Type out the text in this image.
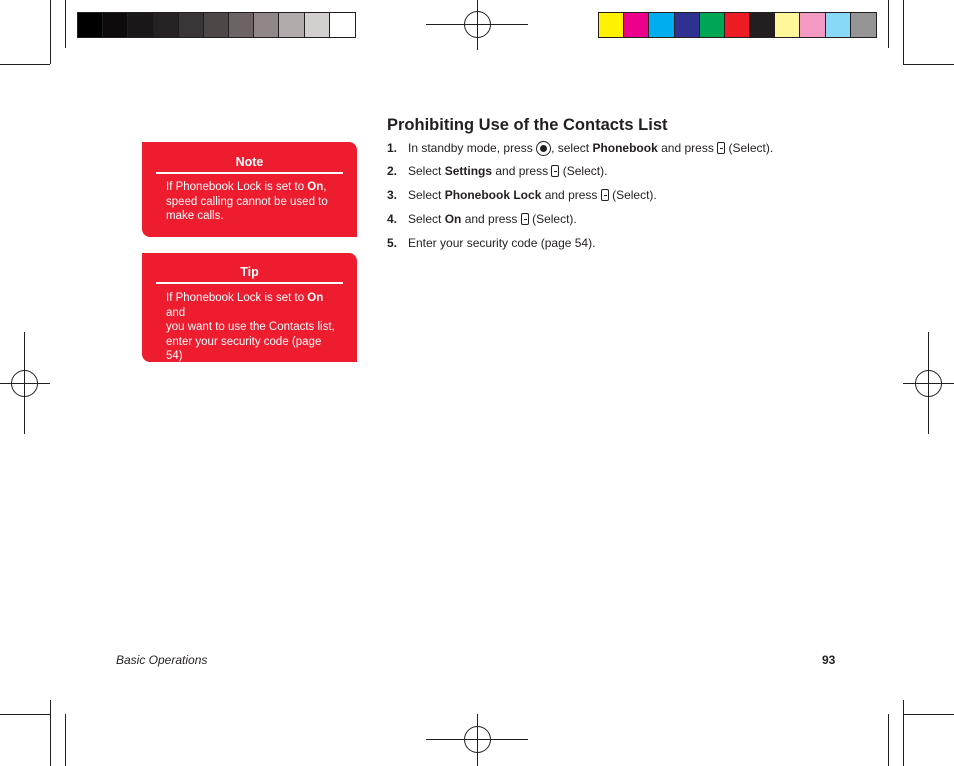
Note
If Phonebook Lock is set to On,
speed calling cannot be used to
make calls.
Tip
If Phonebook Lock is set to On and
you want to use the Contacts list,
enter your security code (page 54)
to temporarily cancel the setting.
Prohibiting Use of the Contacts List
1. In standby mode, press , select Phonebook and press  (Select).
2. Select Settings and press  (Select).
3. Select Phonebook Lock and press  (Select).
4. Select On and press  (Select).
5. Enter your security code (page 54).
Basic Operations	93
